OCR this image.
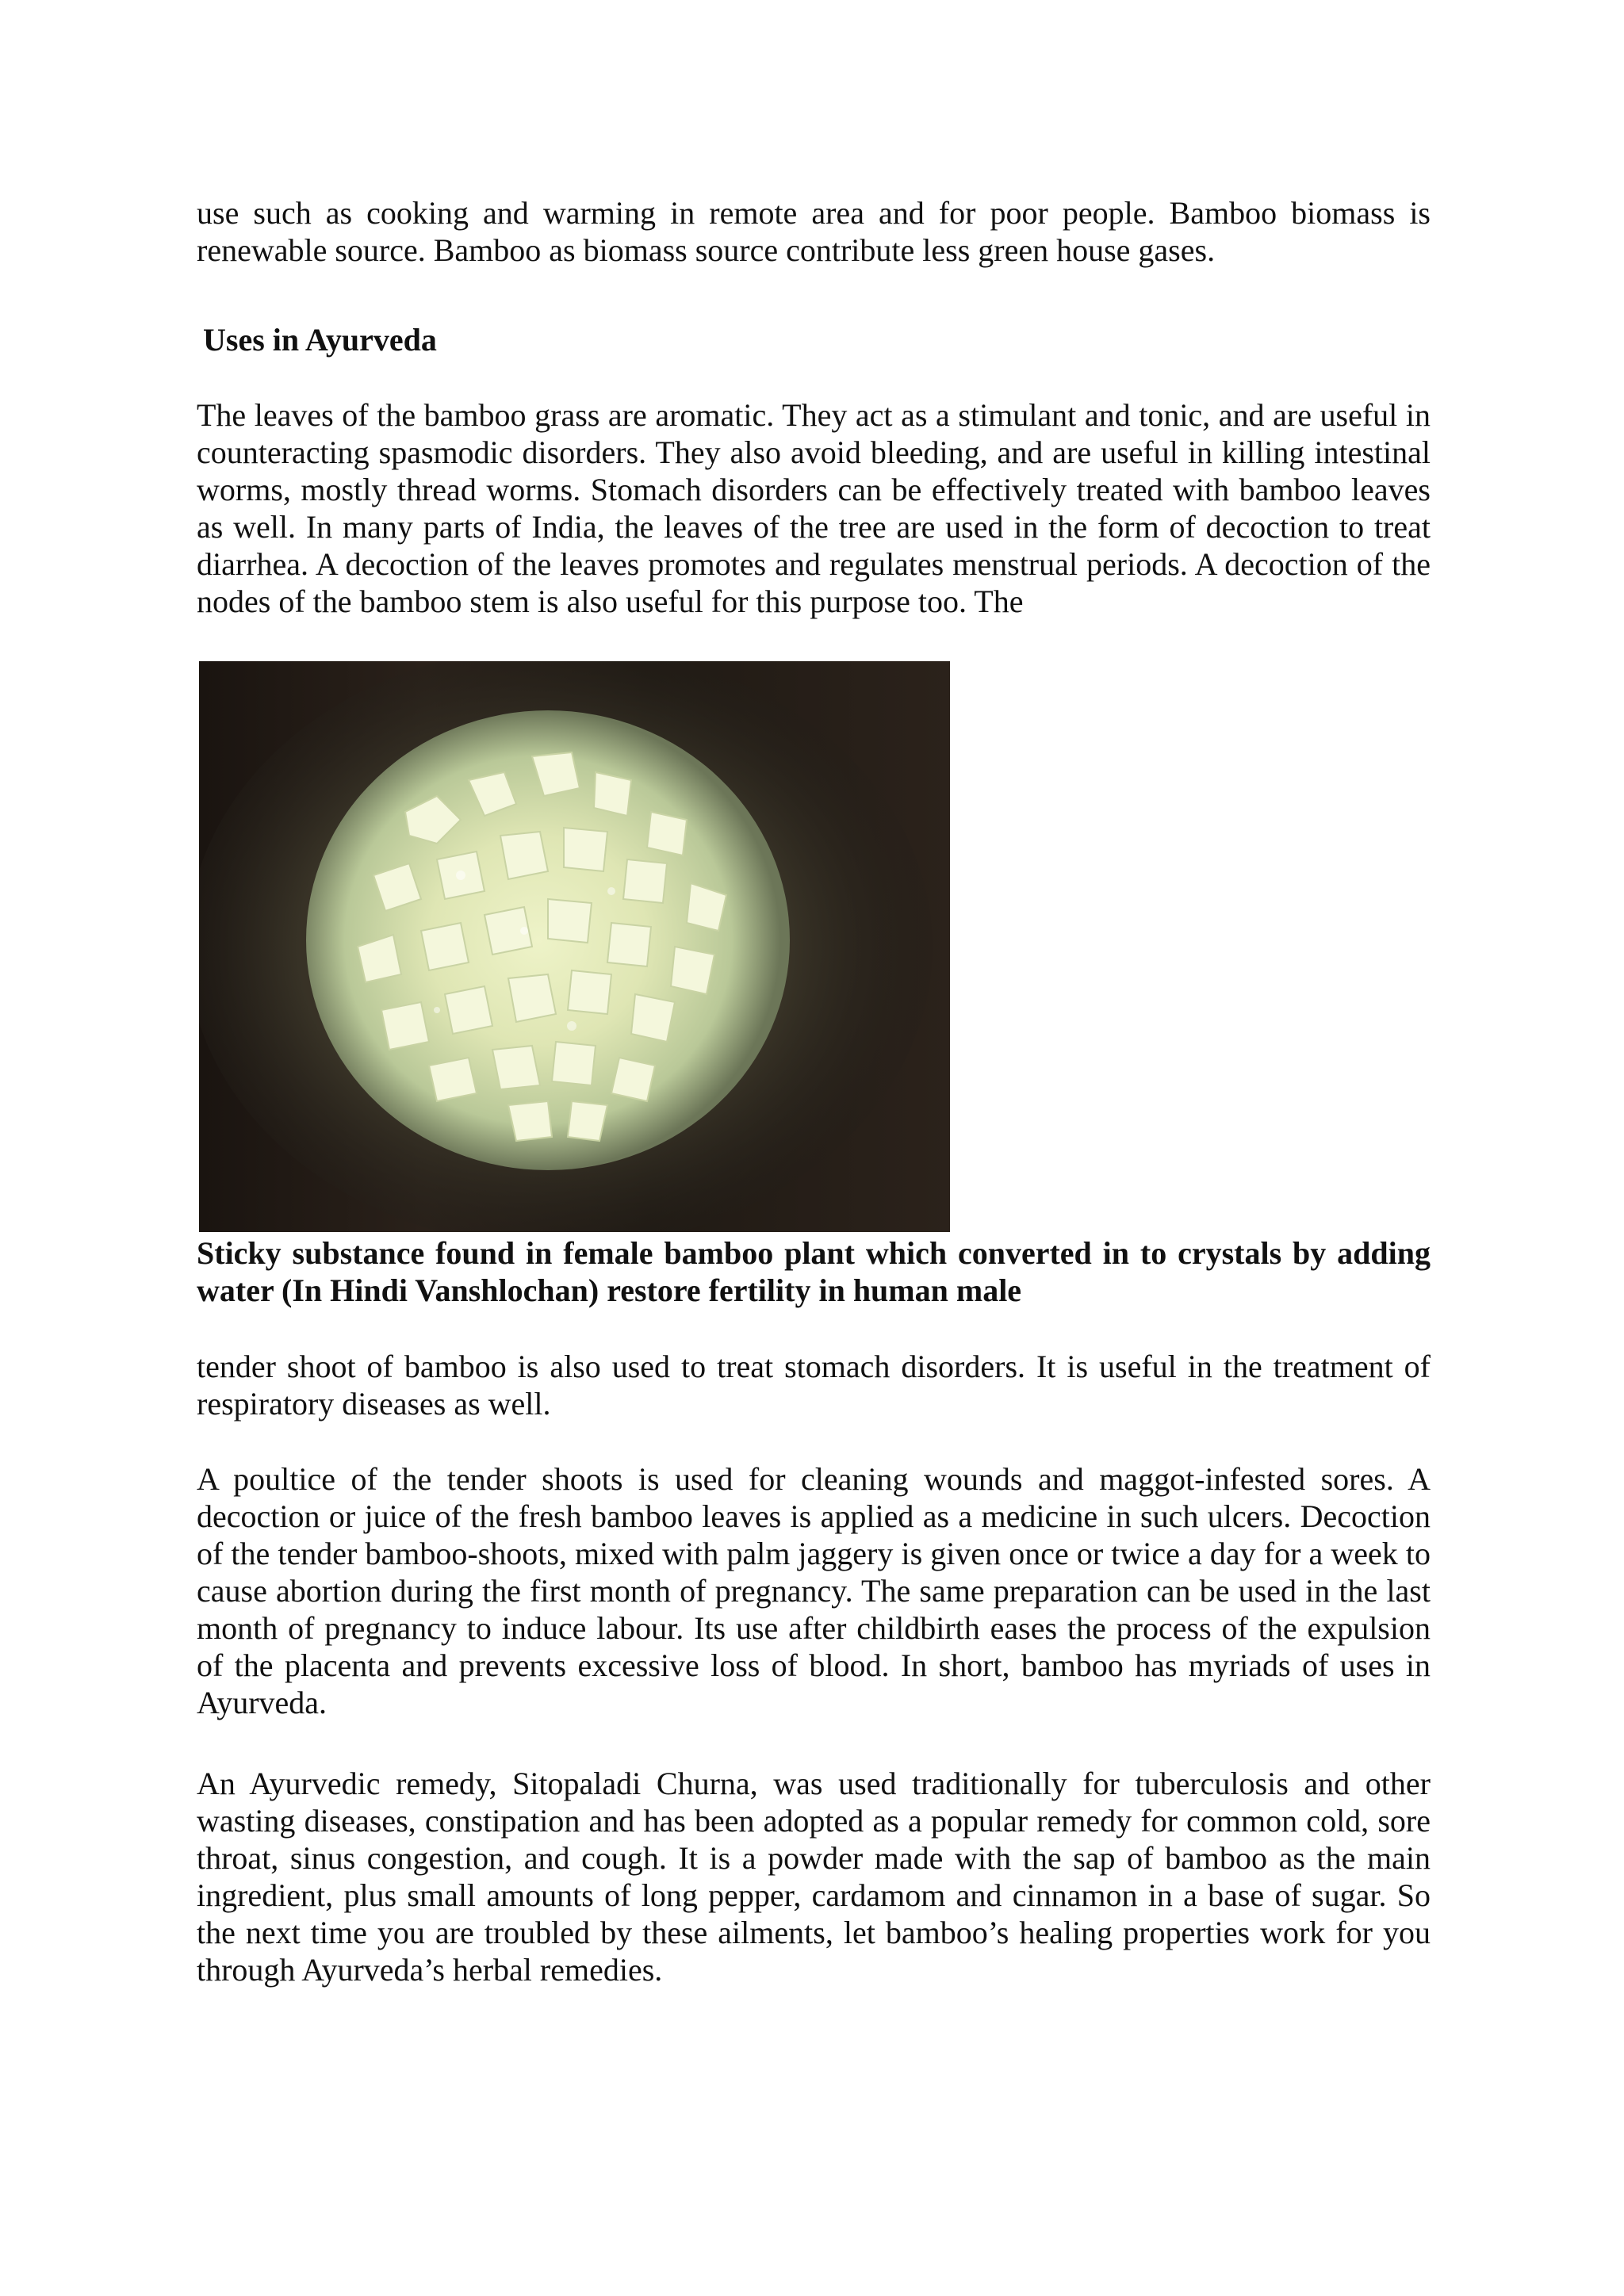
use such as cooking and warming in remote area and for poor people. Bamboo biomass is renewable source. Bamboo as biomass source contribute less green house gases.

Uses in Ayurveda

The leaves of the bamboo grass are aromatic. They act as a stimulant and tonic, and are useful in counteracting spasmodic disorders. They also avoid bleeding, and are useful in killing intestinal worms, mostly thread worms. Stomach disorders can be effectively treated with bamboo leaves as well. In many parts of India, the leaves of the tree are used in the form of decoction to treat diarrhea. A decoction of the leaves promotes and regulates menstrual periods. A decoction of the nodes of the bamboo stem is also useful for this purpose too. The

Sticky substance found in female bamboo plant which converted in to crystals by adding water (In Hindi Vanshlochan) restore fertility in human male

tender shoot of bamboo is also used to treat stomach disorders. It is useful in the treatment of respiratory diseases as well.

A poultice of the tender shoots is used for cleaning wounds and maggot-infested sores. A decoction or juice of the fresh bamboo leaves is applied as a medicine in such ulcers. Decoction of the tender bamboo-shoots, mixed with palm jaggery is given once or twice a day for a week to cause abortion during the first month of pregnancy. The same preparation can be used in the last month of pregnancy to induce labour. Its use after childbirth eases the process of the expulsion of the placenta and prevents excessive loss of blood. In short, bamboo has myriads of uses in Ayurveda.

An Ayurvedic remedy, Sitopaladi Churna, was used traditionally for tuberculosis and other wasting diseases, constipation and has been adopted as a popular remedy for common cold, sore throat, sinus congestion, and cough. It is a powder made with the sap of bamboo as the main ingredient, plus small amounts of long pepper, cardamom and cinnamon in a base of sugar. So the next time you are troubled by these ailments, let bamboo’s healing properties work for you through Ayurveda’s herbal remedies.
